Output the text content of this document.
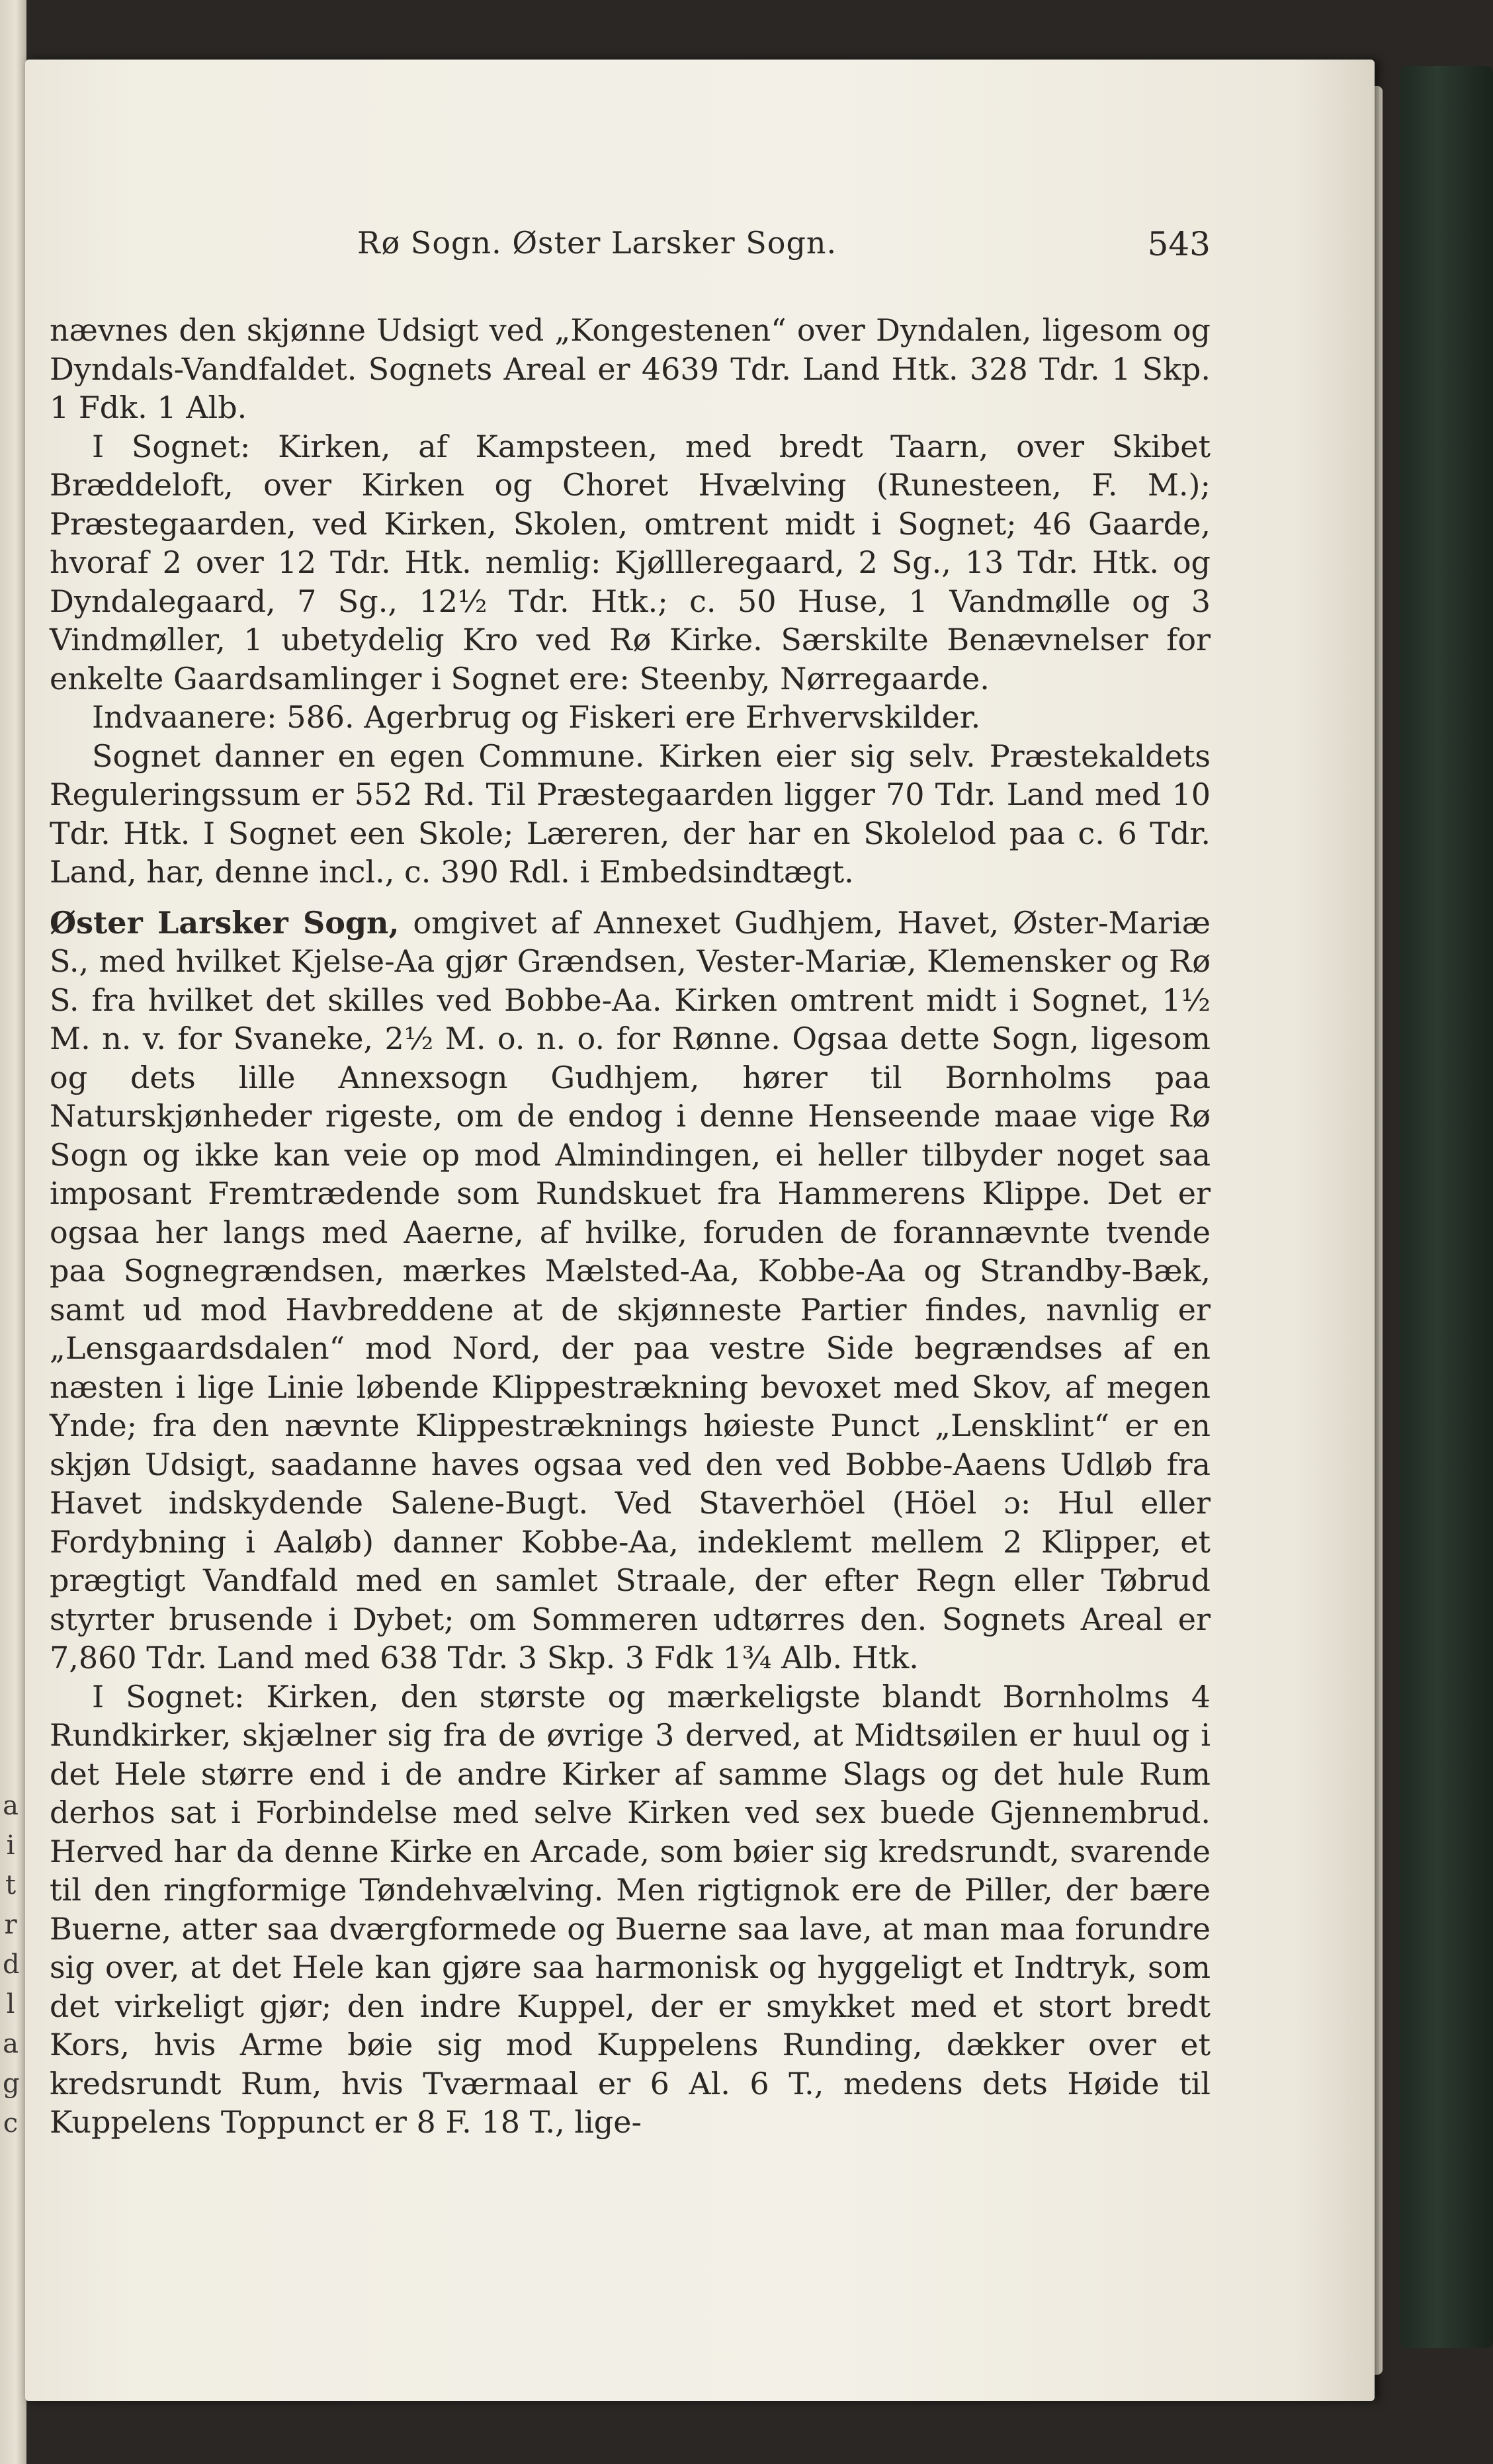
a
i
t
r
d
l
a
g
c
Rø Sogn. Øster Larsker Sogn.	543

nævnes den skjønne Udsigt ved „Kongestenen“ over Dyndalen, ligesom og Dyndals-Vandfaldet. Sognets Areal er 4639 Tdr. Land Htk. 328 Tdr. 1 Skp. 1 Fdk. 1 Alb.

I Sognet: Kirken, af Kampsteen, med bredt Taarn, over Skibet Bræddeloft, over Kirken og Choret Hvælving (Runesteen, F. M.); Præstegaarden, ved Kirken, Skolen, omtrent midt i Sognet; 46 Gaarde, hvoraf 2 over 12 Tdr. Htk. nemlig: Kjøllleregaard, 2 Sg., 13 Tdr. Htk. og Dyndalegaard, 7 Sg., 12½ Tdr. Htk.; c. 50 Huse, 1 Vandmølle og 3 Vindmøller, 1 ubetydelig Kro ved Rø Kirke. Særskilte Benævnelser for enkelte Gaardsamlinger i Sognet ere: Steenby, Nørregaarde.

Indvaanere: 586. Agerbrug og Fiskeri ere Erhvervskilder.

Sognet danner en egen Commune. Kirken eier sig selv. Præstekaldets Reguleringssum er 552 Rd. Til Præstegaarden ligger 70 Tdr. Land med 10 Tdr. Htk. I Sognet een Skole; Læreren, der har en Skolelod paa c. 6 Tdr. Land, har, denne incl., c. 390 Rdl. i Embedsindtægt.

Øster Larsker Sogn, omgivet af Annexet Gudhjem, Havet, Øster-Mariæ S., med hvilket Kjelse-Aa gjør Grændsen, Vester-Mariæ, Klemensker og Rø S. fra hvilket det skilles ved Bobbe-Aa. Kirken omtrent midt i Sognet, 1½ M. n. v. for Svaneke, 2½ M. o. n. o. for Rønne. Ogsaa dette Sogn, ligesom og dets lille Annexsogn Gudhjem, hører til Bornholms paa Naturskjønheder rigeste, om de endog i denne Henseende maae vige Rø Sogn og ikke kan veie op mod Almindingen, ei heller tilbyder noget saa imposant Fremtrædende som Rundskuet fra Hammerens Klippe. Det er ogsaa her langs med Aaerne, af hvilke, foruden de forannævnte tvende paa Sognegrændsen, mærkes Mælsted-Aa, Kobbe-Aa og Strandby-Bæk, samt ud mod Havbreddene at de skjønneste Partier findes, navnlig er „Lensgaardsdalen“ mod Nord, der paa vestre Side begrændses af en næsten i lige Linie løbende Klippestrækning bevoxet med Skov, af megen Ynde; fra den nævnte Klippestræknings høieste Punct „Lensklint“ er en skjøn Udsigt, saadanne haves ogsaa ved den ved Bobbe-Aaens Udløb fra Havet indskydende Salene-Bugt. Ved Staverhöel (Höel ɔ: Hul eller Fordybning i Aaløb) danner Kobbe-Aa, indeklemt mellem 2 Klipper, et prægtigt Vandfald med en samlet Straale, der efter Regn eller Tøbrud styrter brusende i Dybet; om Sommeren udtørres den. Sognets Areal er 7,860 Tdr. Land med 638 Tdr. 3 Skp. 3 Fdk 1¾ Alb. Htk.

I Sognet: Kirken, den største og mærkeligste blandt Bornholms 4 Rundkirker, skjælner sig fra de øvrige 3 derved, at Midtsøilen er huul og i det Hele større end i de andre Kirker af samme Slags og det hule Rum derhos sat i Forbindelse med selve Kirken ved sex buede Gjennembrud. Herved har da denne Kirke en Arcade, som bøier sig kredsrundt, svarende til den ringformige Tøndehvælving. Men rigtignok ere de Piller, der bære Buerne, atter saa dværgformede og Buerne saa lave, at man maa forundre sig over, at det Hele kan gjøre saa harmonisk og hyggeligt et Indtryk, som det virkeligt gjør; den indre Kuppel, der er smykket med et stort bredt Kors, hvis Arme bøie sig mod Kuppelens Runding, dækker over et kredsrundt Rum, hvis Tværmaal er 6 Al. 6 T., medens dets Høide til Kuppelens Toppunct er 8 F. 18 T., lige-
